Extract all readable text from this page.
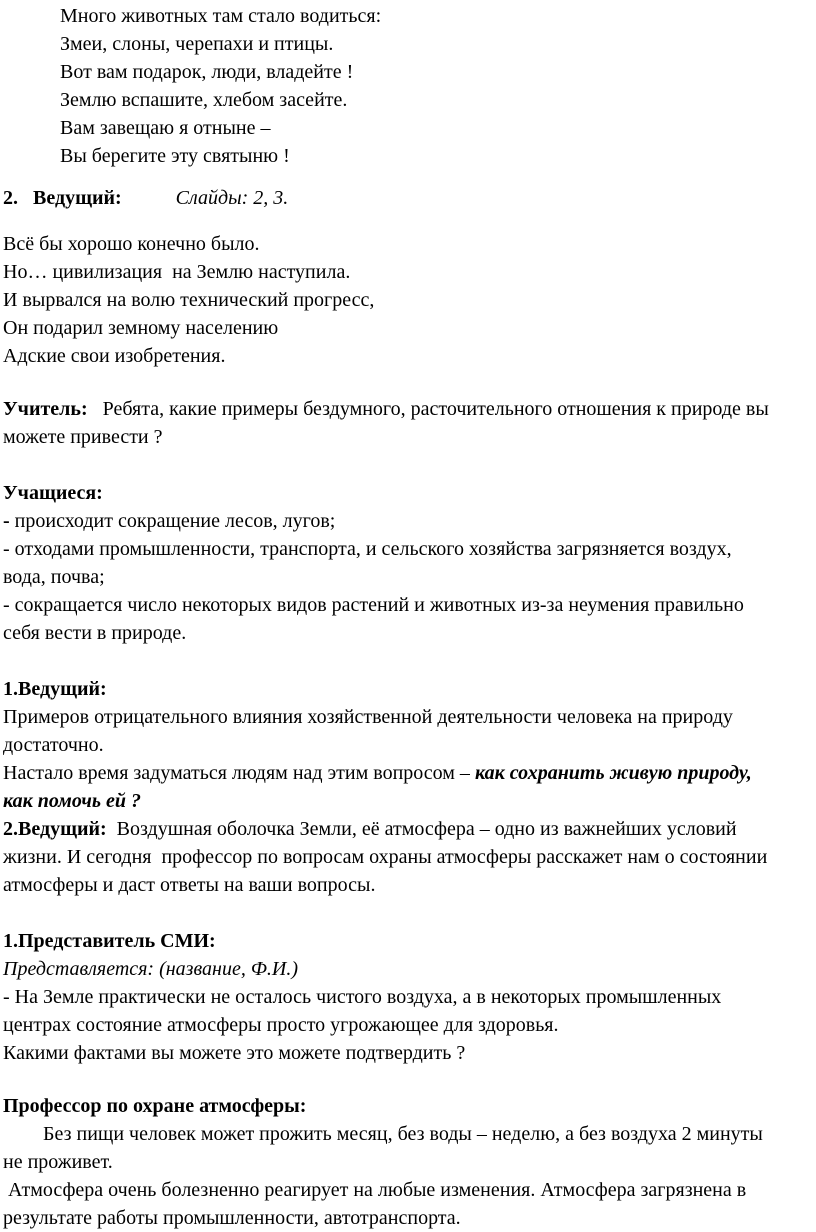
Много животных там стало водиться:
Змеи, слоны, черепахи и птицы.
Вот вам подарок, люди, владейте !
Землю вспашите, хлебом засейте.
Вам завещаю я отныне –
Вы берегите эту святыню !
2.   Ведущий:	Слайды: 2, 3.
Всё бы хорошо конечно было.
Но… цивилизация  на Землю наступила.
И вырвался на волю технический прогресс,
Он подарил земному населению
Адские свои изобретения.
Учитель:   Ребята, какие примеры бездумного, расточительного отношения к природе вы
можете привести ?
Учащиеся:
- происходит сокращение лесов, лугов;
- отходами промышленности, транспорта, и сельского хозяйства загрязняется воздух,
вода, почва;
- сокращается число некоторых видов растений и животных из-за неумения правильно
себя вести в природе.
1.Ведущий:
Примеров отрицательного влияния хозяйственной деятельности человека на природу
достаточно.
Настало время задуматься людям над этим вопросом – как сохранить живую природу,
как помочь ей ?
2.Ведущий:  Воздушная оболочка Земли, её атмосфера – одно из важнейших условий
жизни. И сегодня  профессор по вопросам охраны атмосферы расскажет нам о состоянии
атмосферы и даст ответы на ваши вопросы.
1.Представитель СМИ:
Представляется: (название, Ф.И.)
- На Земле практически не осталось чистого воздуха, а в некоторых промышленных
центрах состояние атмосферы просто угрожающее для здоровья.
Какими фактами вы можете это можете подтвердить ?
Профессор по охране атмосферы:
Без пищи человек может прожить месяц, без воды – неделю, а без воздуха 2 минуты
не проживет.
Атмосфера очень болезненно реагирует на любые изменения. Атмосфера загрязнена в
результате работы промышленности, автотранспорта.
